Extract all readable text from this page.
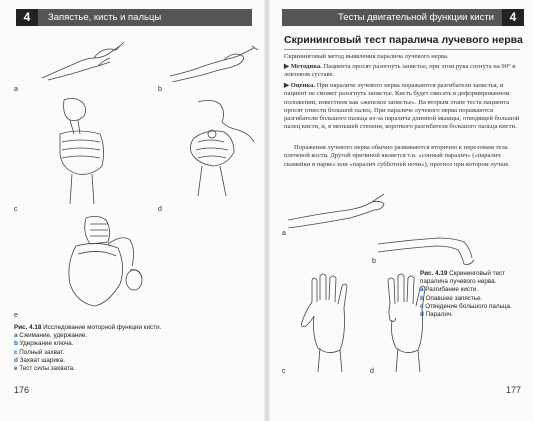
4	Запястье, кисть и пальцы
a	b
c	d
e
Рис. 4.18 Исследование моторной функции кисти.
a Сжимание, удержание.
b Удержание ключа.
c Полный захват.
d Захват шарика.
e Тест силы захвата.
176
Тесты двигательной функции кисти	4
Скрининговый тест паралича лучевого нерва
Скрининговый метод выявления паралича лучевого нерва.
▶ Методика. Пациента просят разогнуть запястье, при этом рука согнута на 90° в локтевом суставе.
▶ Оценка. При параличе лучевого нерва поражаются разгибатели запястья, и пациент не сможет разогнуть запястье. Кисть будет свисать в деформированном положении, известном как «женское запястье». На вторым этапе теста пациента просят отвести большой палец. При параличе лучевого нерва поражаются разгибатели большого пальца из-за паралича длинной мышцы, отводящей большой палец кисти, и, в меньшей степени, короткого разгибателя большого пальца кисти.
Поражения лучевого нерва обычно развиваются вторично к переломам тела плечевой кости. Другой причиной является т.н. «сонный паралич» («паралич скамейки в парке» или «паралич субботней ночи»), прогноз при котором лучше.
a
b
c	d
Рис. 4.19 Скрининговый тест паралича лучевого нерва.
a Разгибание кисти.
b Опавшее запястье.
c Отведение большого пальца.
d Паралич.
177
